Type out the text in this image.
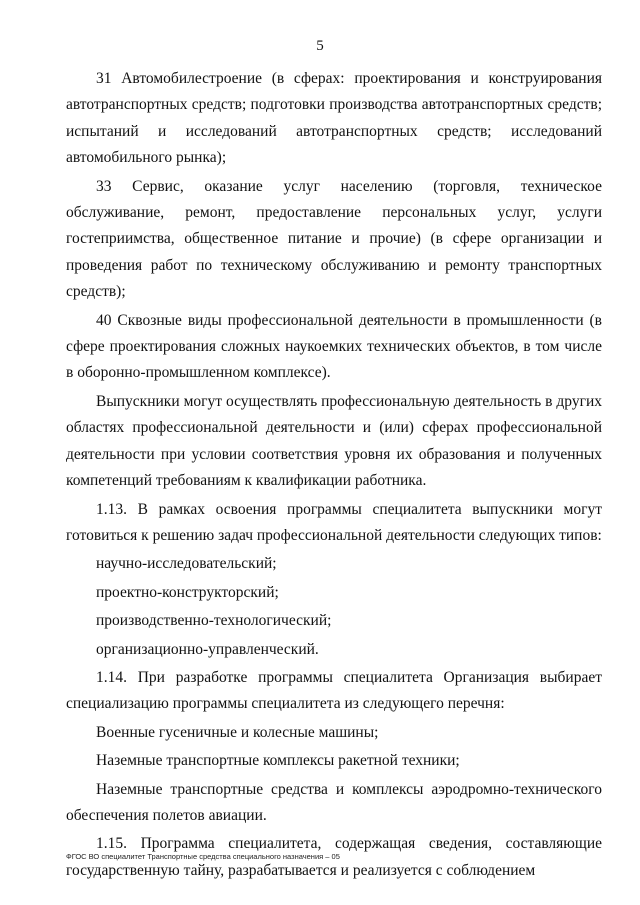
5

31 Автомобилестроение (в сферах: проектирования и конструирования автотранспортных средств; подготовки производства автотранспортных средств; испытаний и исследований автотранспортных средств; исследований автомобильного рынка);

33 Сервис, оказание услуг населению (торговля, техническое обслуживание, ремонт, предоставление персональных услуг, услуги гостеприимства, общественное питание и прочие) (в сфере организации и проведения работ по техническому обслуживанию и ремонту транспортных средств);

40 Сквозные виды профессиональной деятельности в промышленности (в сфере проектирования сложных наукоемких технических объектов, в том числе в оборонно-промышленном комплексе).

Выпускники могут осуществлять профессиональную деятельность в других областях профессиональной деятельности и (или) сферах профессиональной деятельности при условии соответствия уровня их образования и полученных компетенций требованиям к квалификации работника.

1.13. В рамках освоения программы специалитета выпускники могут готовиться к решению задач профессиональной деятельности следующих типов:

научно-исследовательский;

проектно-конструкторский;

производственно-технологический;

организационно-управленческий.

1.14. При разработке программы специалитета Организация выбирает специализацию программы специалитета из следующего перечня:

Военные гусеничные и колесные машины;

Наземные транспортные комплексы ракетной техники;

Наземные транспортные средства и комплексы аэродромно-технического обеспечения полетов авиации.

1.15. Программа специалитета, содержащая сведения, составляющие государственную тайну, разрабатывается и реализуется с соблюдением

ФГОС ВО специалитет Транспортные средства специального назначения – 05
